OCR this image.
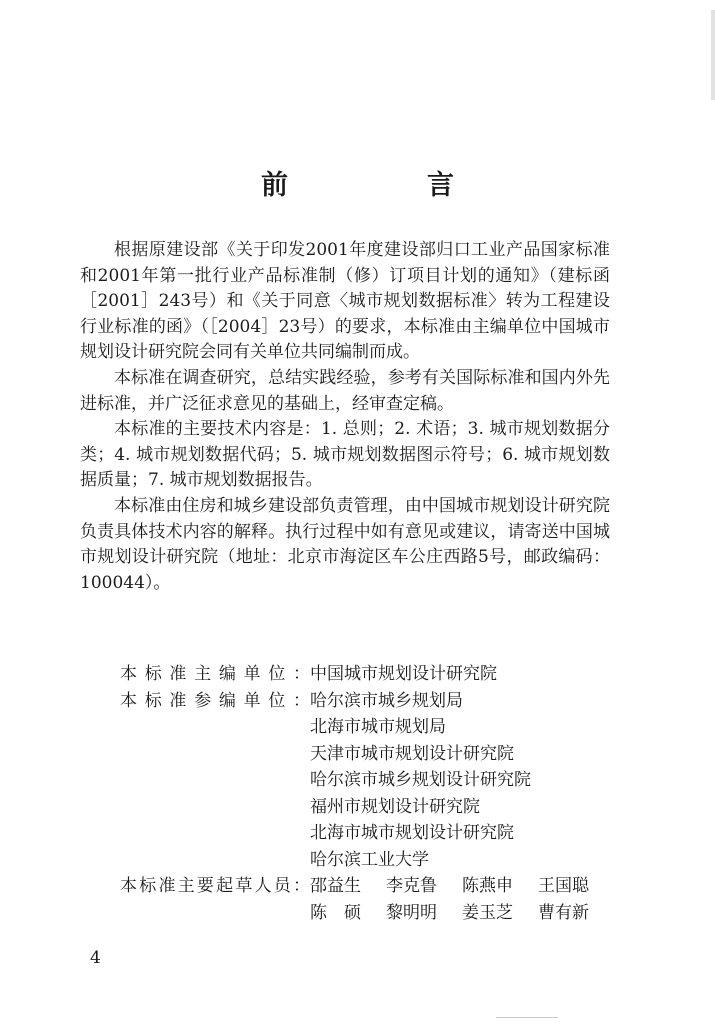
前　言

根据原建设部《关于印发2001年度建设部归口工业产品国家标准和2001年第一批行业产品标准制（修）订项目计划的通知》（建标函［2001］243号）和《关于同意〈城市规划数据标准〉转为工程建设行业标准的函》（［2004］23号）的要求，本标准由主编单位中国城市规划设计研究院会同有关单位共同编制而成。

本标准在调查研究，总结实践经验，参考有关国际标准和国内外先进标准，并广泛征求意见的基础上，经审查定稿。

本标准的主要技术内容是：1. 总则；2. 术语；3. 城市规划数据分类；4. 城市规划数据代码；5. 城市规划数据图示符号；6. 城市规划数据质量；7. 城市规划数据报告。

本标准由住房和城乡建设部负责管理，由中国城市规划设计研究院负责具体技术内容的解释。执行过程中如有意见或建议，请寄送中国城市规划设计研究院（地址：北京市海淀区车公庄西路5号，邮政编码：100044）。

本标准主编单位： 中国城市规划设计研究院
本标准参编单位： 哈尔滨市城乡规划局
北海市城市规划局
天津市城市规划设计研究院
哈尔滨市城乡规划设计研究院
福州市规划设计研究院
北海市城市规划设计研究院
哈尔滨工业大学
本标准主要起草人员： 邵益生	李克鲁	陈燕申	王国聪
陈　硕	黎明明	姜玉芝	曹有新
4
